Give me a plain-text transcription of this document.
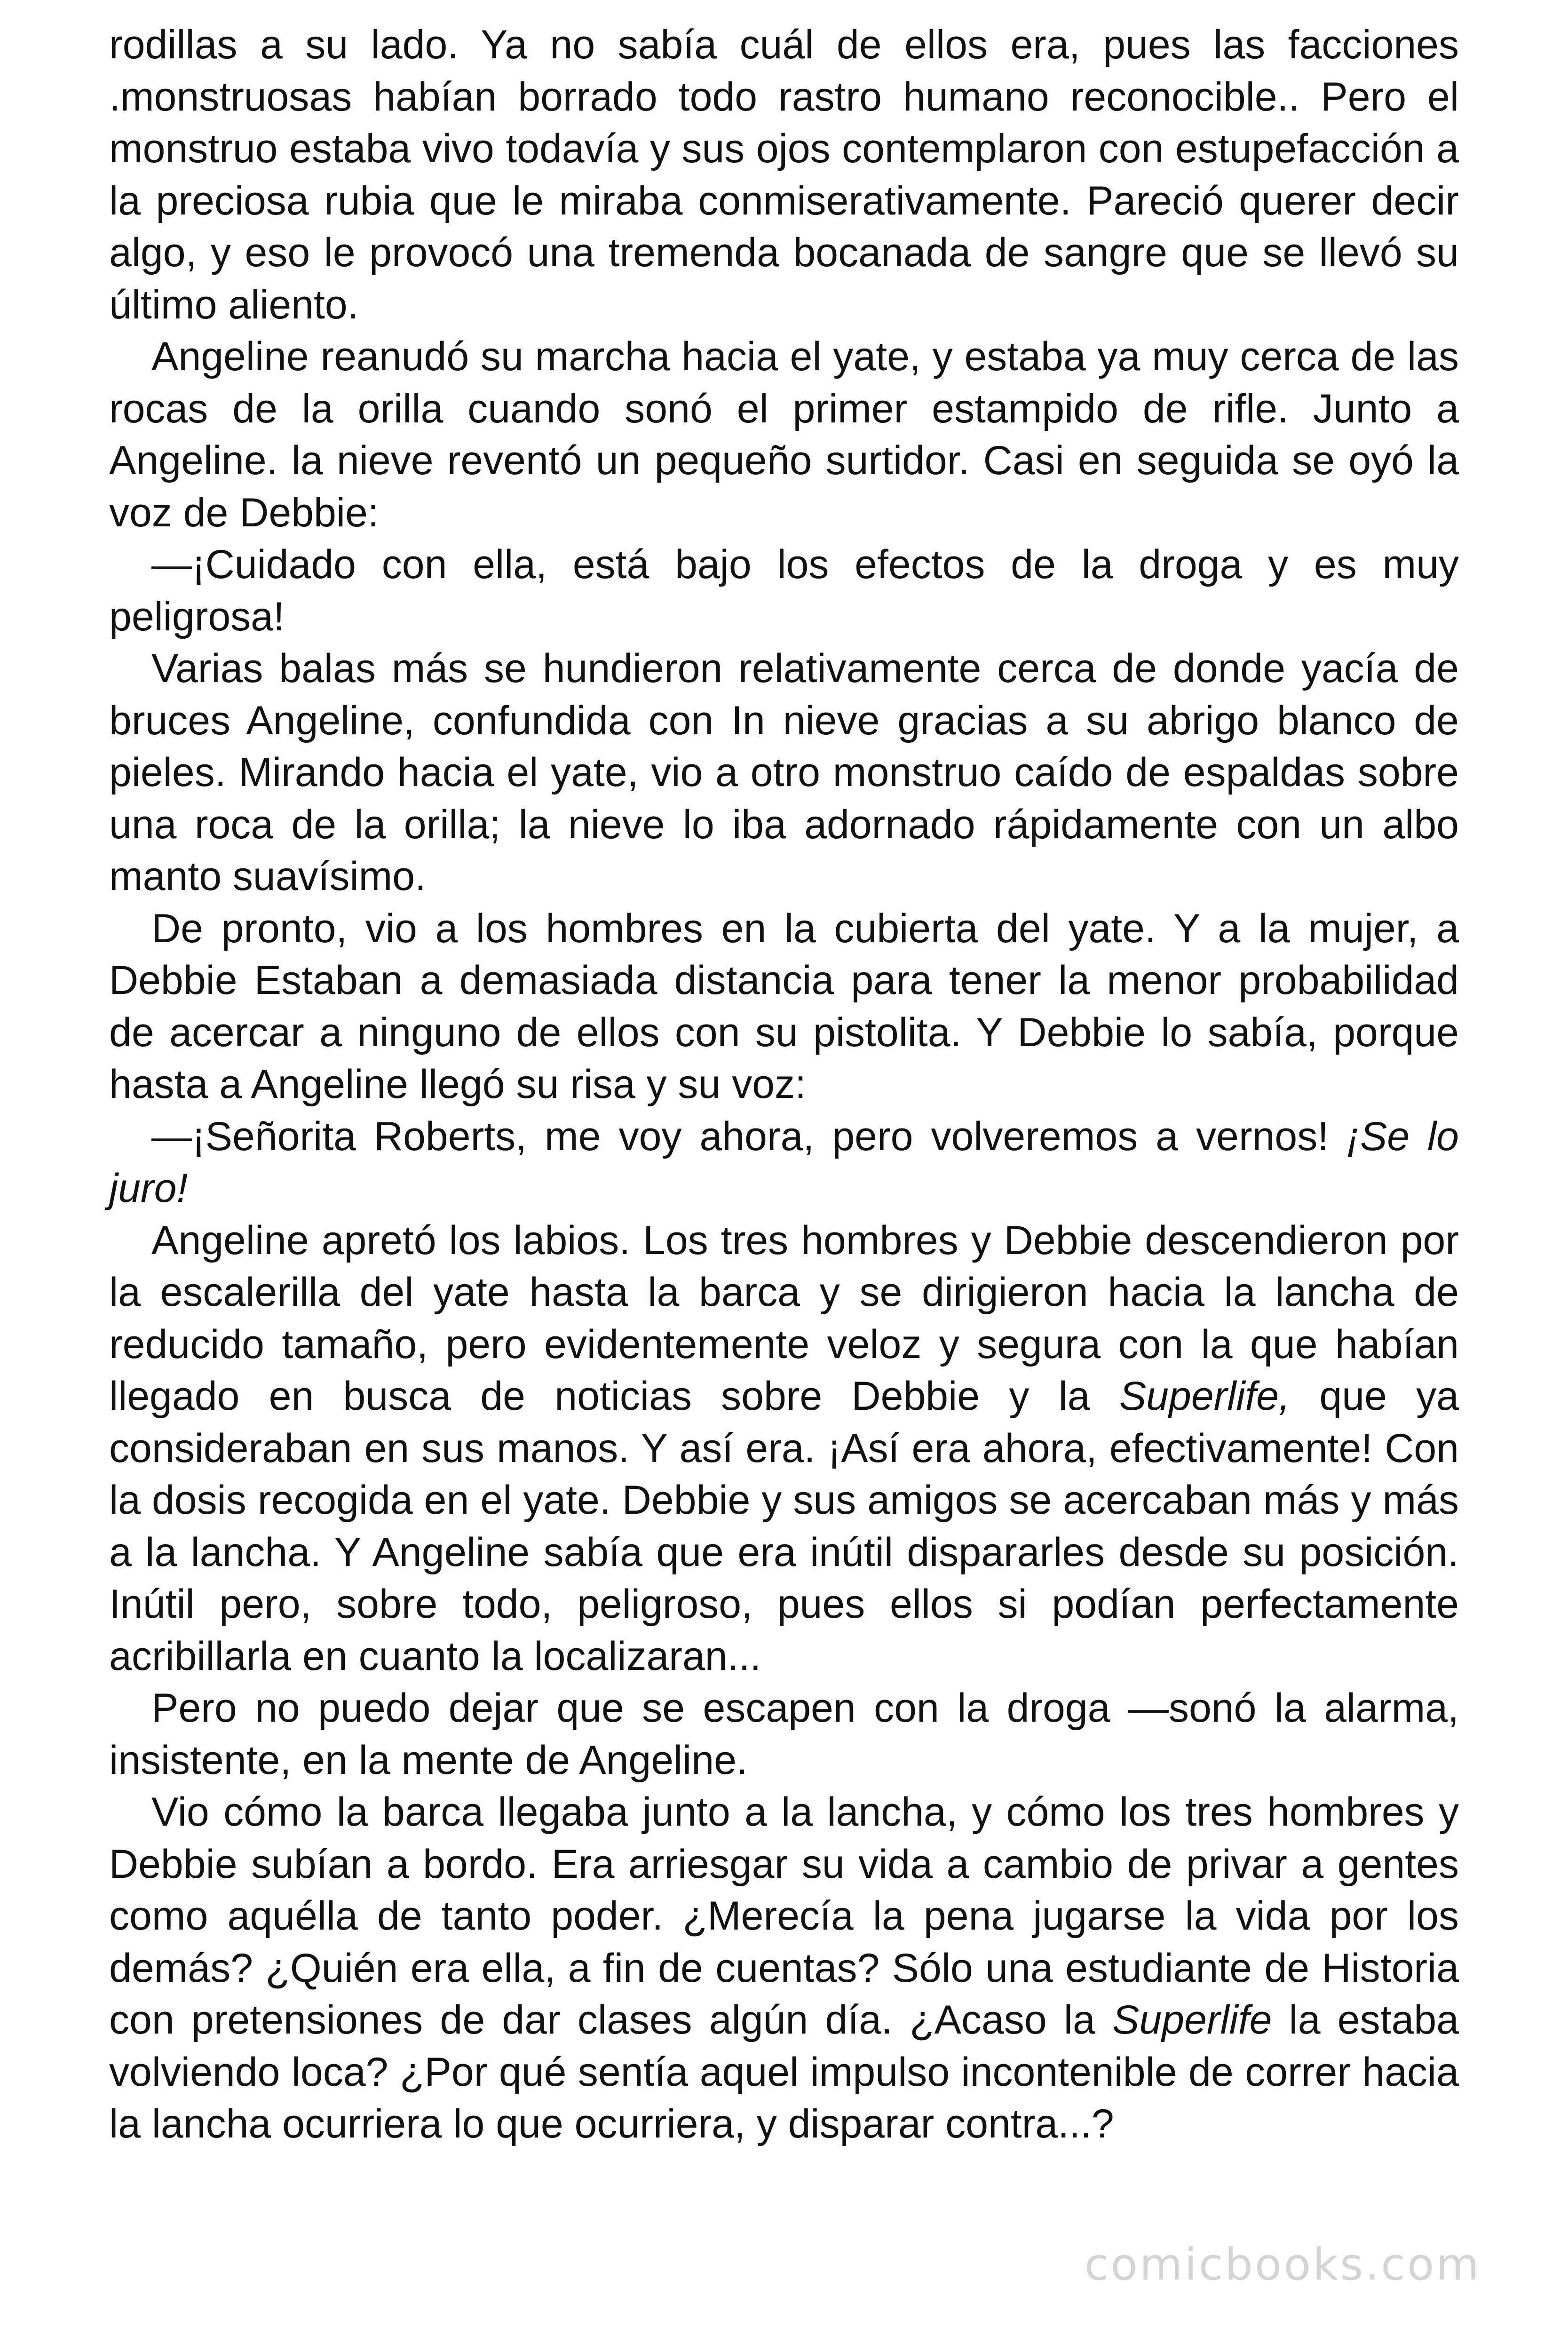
rodillas a su lado. Ya no sabía cuál de ellos era, pues las facciones .monstruosas habían borrado todo rastro humano reconocible.. Pero el monstruo estaba vivo todavía y sus ojos contemplaron con estupefacción a la preciosa rubia que le miraba conmiserativamente. Pareció querer decir algo, y eso le provocó una tremenda bocanada de sangre que se llevó su último aliento.

Angeline reanudó su marcha hacia el yate, y estaba ya muy cerca de las rocas de la orilla cuando sonó el primer estampido de rifle. Junto a Angeline. la nieve reventó un pequeño surtidor. Casi en seguida se oyó la voz de Debbie:

—¡Cuidado con ella, está bajo los efectos de la droga y es muy peligrosa!

Varias balas más se hundieron relativamente cerca de donde yacía de bruces Angeline, confundida con In nieve gracias a su abrigo blanco de pieles. Mirando hacia el yate, vio a otro monstruo caído de espaldas sobre una roca de la orilla; la nieve lo iba adornado rápidamente con un albo manto suavísimo.

De pronto, vio a los hombres en la cubierta del yate. Y a la mujer, a Debbie Estaban a demasiada distancia para tener la menor probabilidad de acercar a ninguno de ellos con su pistolita. Y Debbie lo sabía, porque hasta a Angeline llegó su risa y su voz:

—¡Señorita Roberts, me voy ahora, pero volveremos a vernos! ¡Se lo juro!

Angeline apretó los labios. Los tres hombres y Debbie descendieron por la escalerilla del yate hasta la barca y se dirigieron hacia la lancha de reducido tamaño, pero evidentemente veloz y segura con la que habían llegado en busca de noticias sobre Debbie y la Superlife, que ya consideraban en sus manos. Y así era. ¡Así era ahora, efectivamente! Con la dosis recogida en el yate. Debbie y sus amigos se acercaban más y más a la lancha. Y Angeline sabía que era inútil dispararles desde su posición. Inútil pero, sobre todo, peligroso, pues ellos si podían perfectamente acribillarla en cuanto la localizaran...

Pero no puedo dejar que se escapen con la droga —sonó la alarma, insistente, en la mente de Angeline.

Vio cómo la barca llegaba junto a la lancha, y cómo los tres hombres y Debbie subían a bordo. Era arriesgar su vida a cambio de privar a gentes como aquélla de tanto poder. ¿Merecía la pena jugarse la vida por los demás? ¿Quién era ella, a fin de cuentas? Sólo una estudiante de Historia con pretensiones de dar clases algún día. ¿Acaso la Superlife la estaba volviendo loca? ¿Por qué sentía aquel impulso incontenible de correr hacia la lancha ocurriera lo que ocurriera, y disparar contra...?

comicbooks.com
